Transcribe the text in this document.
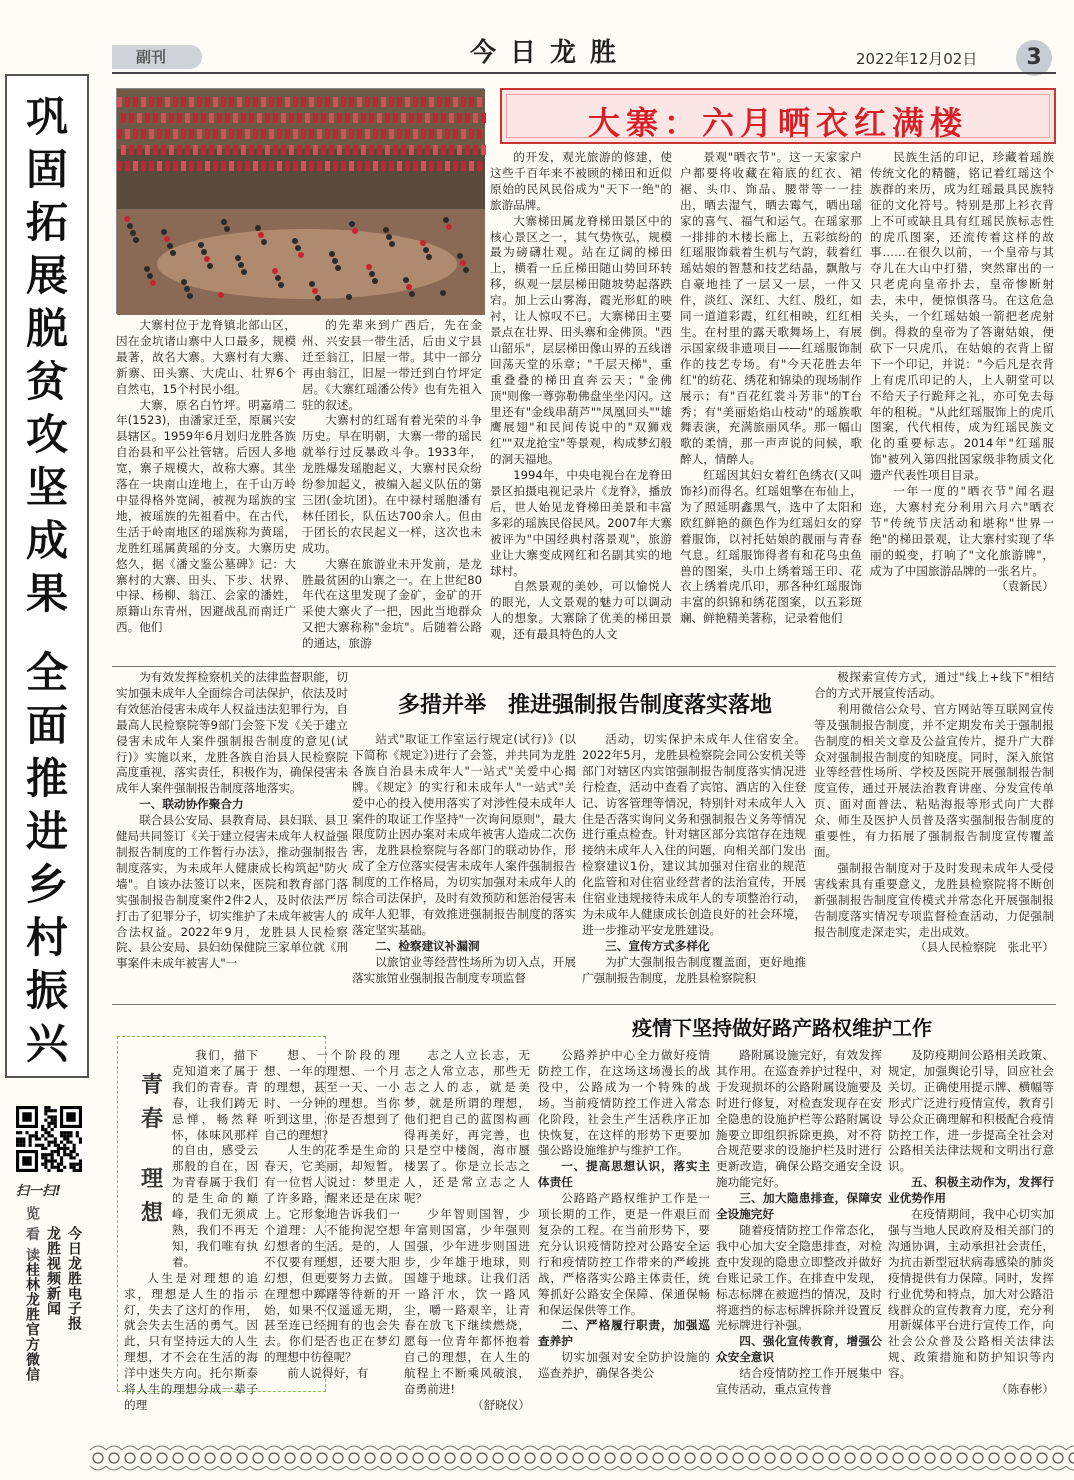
副刊	今日龙胜	2022年12月02日	3
巩
固
拓
展
脱
贫
攻
坚
成
果
全
面
推
进
乡
村
振
兴
扫一扫!
览 看 读 今日龙胜电子报
龙胜视频新闻
桂林龙胜官方微信
大寨：六月晒衣红满楼

大寨村位于龙脊镇北部山区，因在金坑诸山寨中人口最多，规模最著，故名大寨。大寨村有大寨、新寨、田头寨、大虎山、壮界6个自然屯，15个村民小组。

大寨，原名白竹坪。明嘉靖二年(1523)，由潘家迁至，原属兴安县辖区。1959年6月划归龙胜各族自治县和平公社管辖。后因人多地宽，寨子规模大，故称大寨。其坐落在一块南山连地上，在千山万岭中显得格外宽阔，被视为瑶族的宝地，被瑶族的先祖看中。在古代，生活于岭南地区的瑶族称为黄瑶，龙胜红瑶属黄瑶的分支。大寨历史悠久，据《潘文鉴公墓碑》记：大寨村的大寨、田头、下步、状界、中禄、杨柳、翁江、会家的潘姓，原籍山东青州，因避战乱而南迁广西。他们

的先辈来到广西后，先在金州、兴安县一带生活，后由义宁县迁至翁江，旧屋一带。其中一部分再由翁江，旧屋一带迁到白竹坪定居。《大寨红瑶潘公传》也有先祖入驻的叙述。

大寨村的红瑶有着光荣的斗争历史。早在明朝，大寨一带的瑶民就举行过反暴政斗争。1933年，龙胜爆发瑶胞起义，大寨村民众纷纷参加起义，被编入起义队伍的第三团(金坑团)。在中禄村瑶胞潘有林任团长，队伍达700余人。但由于团长的农民起义一样，这次也未成功。

大寨在旅游业未开发前，是龙胜最贫困的山寨之一。在上世纪80年代在这里发现了金矿，金矿的开采使大寨火了一把，因此当地群众又把大寨称称"金坑"。后随着公路的通达，旅游

的开发，观光旅游的修建，使这些千百年来不被顾的梯田和近似原始的民风民俗成为"天下一绝"的旅游品牌。

大寨梯田属龙脊梯田景区中的核心景区之一，其气势恢弘，规模最为磅礴壮观。站在辽阔的梯田上，横看一丘丘梯田随山势回环转移，纵观一层层梯田随坡势起落跌宕。加上云山雾海，霞光形虹的映衬，让人惊叹不已。大寨梯田主要景点在壮界、田头寨和金佛顶。"西山韶乐"，层层梯田像山界的五线谱回荡天堂的乐章；"千层天梯"，重重叠叠的梯田直奔云天；"金佛顶"则像一尊弥勒佛盘坐坐闪闪。这里还有"金线串葫芦""凤凰回头""雄鹰展翅"和民间传说中的"双狮戏红""双龙抢宝"等景观，构成梦幻般的洞天福地。

1994年，中央电视台在龙脊田景区拍摄电视记录片《龙脊》，播放后，世人始见龙脊梯田美景和丰富多彩的瑶族民俗民风。2007年大寨被评为"中国经典村落景观"，旅游业让大寨变成网红和名副其实的地球村。

自然景观的美妙，可以愉悦人的眼光，人文景观的魅力可以调动人的想象。大寨除了优美的梯田景观，还有最具特色的人文

景观"晒衣节"。这一天家家户户都要将收藏在箱底的红衣、裙裾、头巾、饰品、腰带等一一挂出，晒去湿气，晒去霉气，晒出瑶家的喜气、福气和运气。在瑶家那一排排的木楼长廊上，五彩缤纷的红瑶服饰载着生机与气韵，载着红瑶姑娘的智慧和技艺结晶，飘散与自豪地挂了一层又一层，一件又件，淡红、深红、大红、殷红，如同一道道彩霞，红红相映，红红相生。在村里的露天歌舞场上，有展示国家级非遗项目——红瑶服饰制作的技艺专场。有"今天花胜去年红"的纺花、绣花和锦染的现场制作展示；有"百花红裳斗芳菲"的T台秀；有"美丽焰焰山枝动"的瑶族歌舞表演，充满旅丽风华。那一幅山歌的柔情，那一声声说的问候，歌醉人，情醉人。

红瑶因其妇女着红色绣衣(又叫饰衫)而得名。红瑶姐擎在布仙上，为了照延明鑫黑气，选中了太阳和欧红鲜艳的颜色作为红瑶妇女的穿着服饰，以衬托姑娘的靓丽与青春气息。红瑶服饰得者有和花鸟虫鱼兽的图案，头巾上绣着瑶王印、花衣上绣着虎爪印，那各种红瑶服饰丰富的织锦和绣花图案，以五彩斑斓、鲜艳精美著称，记录着他们

民族生活的印记，珍藏着瑶族传统文化的精髓，铭记着红瑶这个族群的来历，成为红瑶最具民族特征的文化符号。特别是那上衫衣背上不可或缺且具有红瑶民族标志性的虎爪图案，还流传着这样的故事……在很久以前，一个皇帝与其夺儿在大山中打猎，突然窜出的一只老虎向皇帝扑去，皇帝惨断射去，未中，便惊惧落马。在这危急关头，一个红瑶姑娘一箭把老虎射倒。得救的皇帝为了答谢姑娘，便砍下一只虎爪，在姑娘的衣背上留下一个印记，并说："今后凡是衣背上有虎爪印记的人，上人朝堂可以不给天子行跪拜之礼，亦可免去每年的租税。"从此红瑶服饰上的虎爪图案，代代相传，成为红瑶民族文化的重要标志。2014年"红瑶服饰"被列入第四批国家级非物质文化遗产代表性项目目录。

一年一度的"晒衣节"闻名遐迩，大寨村充分利用六月六"晒衣节"传统节庆活动和堪称"世界一绝"的梯田景观，让大寨村实现了华丽的蜕变，打响了"文化旅游牌"，成为了中国旅游品牌的一张名片。

（袁新民）

多措并举　推进强制报告制度落实落地

为有效发挥检察机关的法律监督职能，切实加强未成年人全面综合司法保护，依法及时有效惩治侵害未成年人权益违法犯罪行为，自最高人民检察院等9部门会签下发《关于建立侵害未成年人案件强制报告制度的意见(试行)》实施以来，龙胜各族自治县人民检察院高度重视，落实责任，积极作为，确保侵害未成年人案件强制报告制度落地落实。

一、联动协作聚合力

联合县公安局、县教育局、县妇联、县卫健局共同签订《关于建立侵害未成年人权益强制报告制度的工作暂行办法》，推动强制报告制度落实，为未成年人健康成长构筑起"防火墙"。自该办法签订以来，医院和教育部门落实强制报告制度案件2件2人，及时依法严厉打击了犯罪分子，切实维护了未成年被害人的合法权益。2022年9月，龙胜县人民检察院、县公安局、县妇幼保健院三家单位就《刑事案件未成年被害人"一

站式"取证工作室运行规定(试行)》(以下简称《规定》)进行了会签，并共同为龙胜各族自治县未成年人"一站式"关爱中心揭牌。《规定》的实行和未成年人"一站式"关爱中心的投入使用落实了对涉性侵未成年人案件的取证工作坚持"一次询问原则"，最大限度防止因办案对未成年被害人造成二次伤害，龙胜县检察院与各部门的联动协作，形成了全方位落实侵害未成年人案件强制报告制度的工作格局，为切实加强对未成年人的综合司法保护，及时有效预防和惩治侵害未成年人犯罪，有效推进强制报告制度的落实落定坚实基础。

二、检察建议补漏洞

以旅馆业等经营性场所为切入点，开展落实旅馆业强制报告制度专项监督

活动，切实保护未成年人住宿安全。2022年5月，龙胜县检察院会同公安机关等部门对辖区内宾馆强制报告制度落实情况进行检查，活动中查看了宾馆、酒店的入住登记、访客管理等情况，特别针对未成年人入住是否落实询问义务和强制报告义务等情况进行重点检查。针对辖区部分宾馆存在违规接纳未成年人入住的问题，向相关部门发出检察建议1份，建议其加强对住宿业的规范化监管和对住宿业经营者的法治宣传，开展住宿业违规接待未成年人的专项整治行动，为未成年人健康成长创造良好的社会环境，进一步推动平安龙胜建设。

三、宣传方式多样化

为扩大强制报告制度覆盖面，更好地推广强制报告制度，龙胜县检察院积

极探索宣传方式，通过"线上+线下"相结合的方式开展宣传活动。

利用微信公众号、官方网站等互联网宣传等及强制报告制度，并不定期发布关于强制报告制度的相关文章及公益宣传片，提升广大群众对强制报告制度的知晓度。同时，深入旅馆业等经营性场所、学校及医院开展强制报告制度宣传，通过开展法治教育讲座、分发宣传单页、面对面普法、粘贴海报等形式向广大群众、师生及医护人员普及落实强制报告制度的重要性，有力拓展了强制报告制度宣传覆盖面。

强制报告制度对于及时发现未成年人受侵害线索具有重要意义，龙胜县检察院将不断创新强制报告制度宣传模式并常态化开展强制报告制度落实情况专项监督检查活动，力促强制报告制度走深走实，走出成效。

（县人民检察院　张北平）

疫情下坚持做好路产路权维护工作
青
春
理
想

我们，描下克知道来了属于我们的青春。青春，让我们踌无忌惮，畅然释怀，体味风那样的自由，感受云那般的自在，因为青春属于我们的是生命的巅峰，我们无须成熟，我们不再无知，我们唯有执着。

人生是对理想的追求，理想是人生的指示灯，失去了这灯的作用，就会失去生活的勇气。因此，只有坚持远大的人生理想，才不会在生活的海洋中迷失方向。托尔斯泰将人生的理想分成一辈子的理

想、一个阶段的理想、一年的理想、一个月的理想，甚至一天、一小时、一分钟的理想。当你听到这里，你是否想到了自己的理想？

人生的花季是生命的春天，它美丽，却短暂。有一位哲人说过：梦里走了许多路，醒来还是在床上。它形象地告诉我们一个道理：人不能拘泥空想幻想者的生活。是的，人不仅要有理想，还要大胆幻想，但更要努力去做。在理想中踯躇等待新的开始，如果不仅遥遥无期，甚至连已经拥有的也会失去。你们是否也正在梦幻的理想中彷徨呢？

前人说得好，有

志之人立长志，无志之人常立志，那些无志之人的志，就是美梦，就是所谓的理想，他们把自己的蓝图构画得再美好，再完善，也只是空中楼阁，海市蜃楼罢了。你是立长志之人，还是常立志之人呢？

少年智则国智，少年富则国富，少年强则国强，少年进步则国进步，少年雄于地球，则国雄于地球。让我们活一路汗水，饮一路风尘，嚼一路艰辛，让青春在放飞下继续燃烧，愿每一位青年都怀抱着自己的理想，在人生的航程上不断乘风破浪，奋勇前进!

（舒晓仪）

公路养护中心全力做好疫情防控工作，在这场这场漫长的战役中，公路成为一个特殊的战场。当前疫情防控工作进入常态化阶段，社会生产生活秩序正加快恢复，在这样的形势下更要加强公路设施维护与维护工作。

一、提高思想认识，落实主体责任

公路路产路权维护工作是一项长期的工作，更是一件艰巨而复杂的工程。在当前形势下，要充分认识疫情防控对公路安全运行和疫情防控工作带来的严峻挑战，严格落实公路主体责任，统筹抓好公路安全保障、保通保畅和保运保供等工作。

二、严格履行职责，加强巡查养护

切实加强对安全防护设施的巡查养护，确保各类公

路附属设施完好，有效发挥其作用。在巡查养护过程中，对于发现损坏的公路附属设施要及时进行修复，对检查发现存在安全隐患的设施护栏等公路附属设施要立即组织拆除更换，对不符合规范要求的设施护栏及时进行更新改造，确保公路交通安全设施功能完好。

三、加大隐患排查，保障安全设施完好

随着疫情防控工作常态化，我中心加大安全隐患排查，对检查中发现的隐患立即整改并做好台账记录工作。在排查中发现，标志标牌在被遮挡的情况，及时将遮挡的标志标牌拆除并设置反光标牌进行补强。

四、强化宣传教育，增强公众安全意识

结合疫情防控工作开展集中宣传活动，重点宣传普

及防疫期间公路相关政策、规定，加强舆论引导，回应社会关切。正确使用提示牌、横幅等形式广泛进行疫情宣传，教育引导公众正确理解和积极配合疫情防控工作，进一步提高全社会对公路相关法律法规和文明出行意识。

五、积极主动作为，发挥行业优势作用

在疫情期间，我中心切实加强与当地人民政府及相关部门的沟通协调，主动承担社会责任，为抗击新型冠状病毒感染的肺炎疫情提供有力保障。同时，发挥行业优势和特点，加大对公路沿线群众的宣传教育力度，充分利用新媒体平台进行宣传工作，向社会公众普及公路相关法律法规、政策措施和防护知识等内容。

（陈春彬）
